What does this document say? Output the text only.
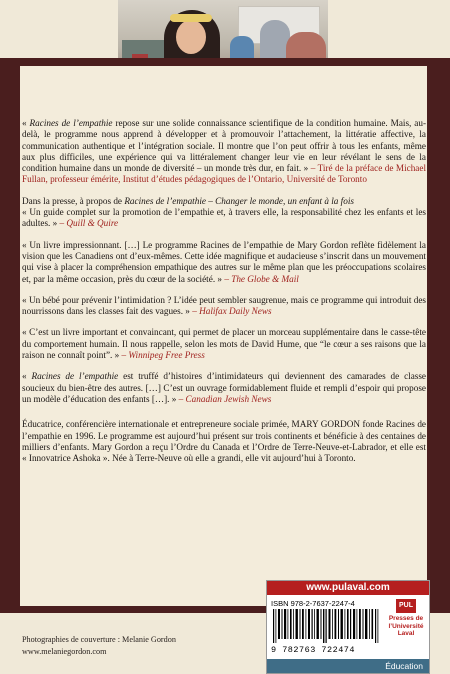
« Racines de l’empathie repose sur une solide connaissance scientifique de la condition humaine. Mais, au-delà, le programme nous apprend à développer et à promouvoir l’attachement, la littératie affective, la communication authentique et l’intégration sociale. Il montre que l’on peut offrir à tous les enfants, même aux plus difficiles, une expérience qui va littéralement changer leur vie en leur révélant le sens de la condition humaine dans un monde de diversité – un monde très dur, en fait. » – Tiré de la préface de Michael Fullan, professeur émérite, Institut d’études pédagogiques de l’Ontario, Université de Toronto

Dans la presse, à propos de Racines de l’empathie – Changer le monde, un enfant à la fois
« Un guide complet sur la promotion de l’empathie et, à travers elle, la responsabilité chez les enfants et les adultes. » – Quill & Quire

« Un livre impressionnant. […] Le programme Racines de l’empathie de Mary Gordon reflète fidèlement la vision que les Canadiens ont d’eux-mêmes. Cette idée magnifique et audacieuse s’inscrit dans un mouvement qui vise à placer la compréhension empathique des autres sur le même plan que les préoccupations scolaires et, par la même occasion, près du cœur de la société. » – The Globe & Mail

« Un bébé pour prévenir l’intimidation ? L’idée peut sembler saugrenue, mais ce programme qui introduit des nourrissons dans les classes fait des vagues. » – Halifax Daily News

« C’est un livre important et convaincant, qui permet de placer un morceau supplémentaire dans le casse-tête du comportement humain. Il nous rappelle, selon les mots de David Hume, que “le cœur a ses raisons que la raison ne connaît point”. » – Winnipeg Free Press

« Racines de l’empathie est truffé d’histoires d’intimidateurs qui deviennent des camarades de classe soucieux du bien-être des autres. […] C’est un ouvrage formidablement fluide et rempli d’espoir qui propose un modèle d’éducation des enfants […]. » – Canadian Jewish News

Éducatrice, conférencière internationale et entrepreneure sociale primée, MARY GORDON fonde Racines de l’empathie en 1996. Le programme est aujourd’hui présent sur trois continents et bénéficie à des centaines de milliers d’enfants. Mary Gordon a reçu l’Ordre du Canada et l’Ordre de Terre-Neuve-et-Labrador, et elle est « Innovatrice Ashoka ». Née à Terre-Neuve où elle a grandi, elle vit aujourd’hui à Toronto.

Photographies de couverture : Melanie Gordon
www.melaniegordon.com
www.pulaval.com
ISBN 978-2-7637-2247-4
9 782763 722474
PUL
Presses de
l’Université
Laval
Éducation
